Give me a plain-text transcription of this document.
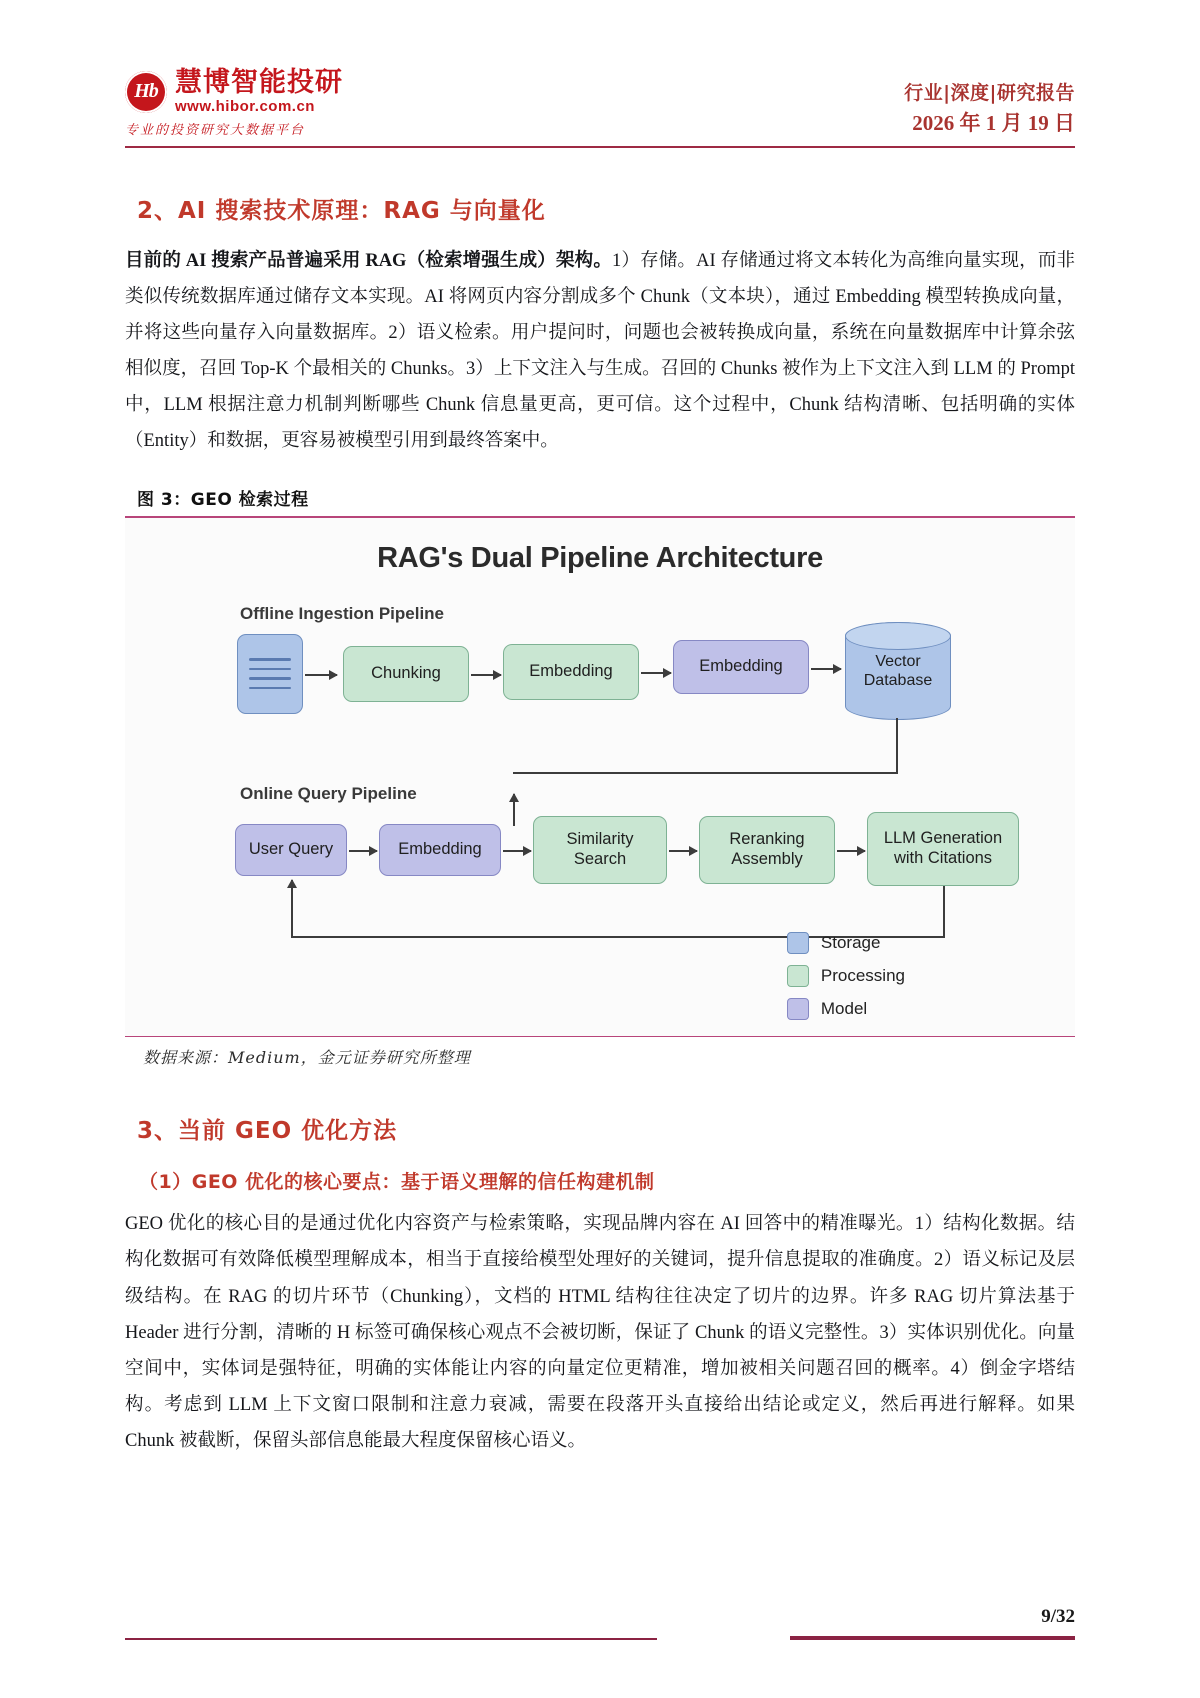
Hb 慧博智能投研
www.hibor.com.cn
专业的投资研究大数据平台
行业|深度|研究报告
2026 年 1 月 19 日
2、AI 搜索技术原理：RAG 与向量化

目前的 AI 搜索产品普遍采用 RAG（检索增强生成）架构。1）存储。AI 存储通过将文本转化为高维向量实现，而非类似传统数据库通过储存文本实现。AI 将网页内容分割成多个 Chunk（文本块），通过 Embedding 模型转换成向量，并将这些向量存入向量数据库。2）语义检索。用户提问时，问题也会被转换成向量，系统在向量数据库中计算余弦相似度，召回 Top-K 个最相关的 Chunks。3）上下文注入与生成。召回的 Chunks 被作为上下文注入到 LLM 的 Prompt 中，LLM 根据注意力机制判断哪些 Chunk 信息量更高，更可信。这个过程中，Chunk 结构清晰、包括明确的实体（Entity）和数据，更容易被模型引用到最终答案中。

图 3：GEO 检索过程
RAG's Dual Pipeline Architecture
Offline Ingestion Pipeline
Chunking	Embedding	Embedding	Vector Database
Online Query Pipeline
User Query	Embedding
Similarity Search
Reranking Assembly
LLM Generation with Citations
Storage
Processing
Model
数据来源：Medium，金元证券研究所整理
3、当前 GEO 优化方法
（1）GEO 优化的核心要点：基于语义理解的信任构建机制

GEO 优化的核心目的是通过优化内容资产与检索策略，实现品牌内容在 AI 回答中的精准曝光。1）结构化数据。结构化数据可有效降低模型理解成本，相当于直接给模型处理好的关键词，提升信息提取的准确度。2）语义标记及层级结构。在 RAG 的切片环节（Chunking），文档的 HTML 结构往往决定了切片的边界。许多 RAG 切片算法基于 Header 进行分割，清晰的 H 标签可确保核心观点不会被切断，保证了 Chunk 的语义完整性。3）实体识别优化。向量空间中，实体词是强特征，明确的实体能让内容的向量定位更精准，增加被相关问题召回的概率。4）倒金字塔结构。考虑到 LLM 上下文窗口限制和注意力衰减，需要在段落开头直接给出结论或定义，然后再进行解释。如果 Chunk 被截断，保留头部信息能最大程度保留核心语义。

9/32
